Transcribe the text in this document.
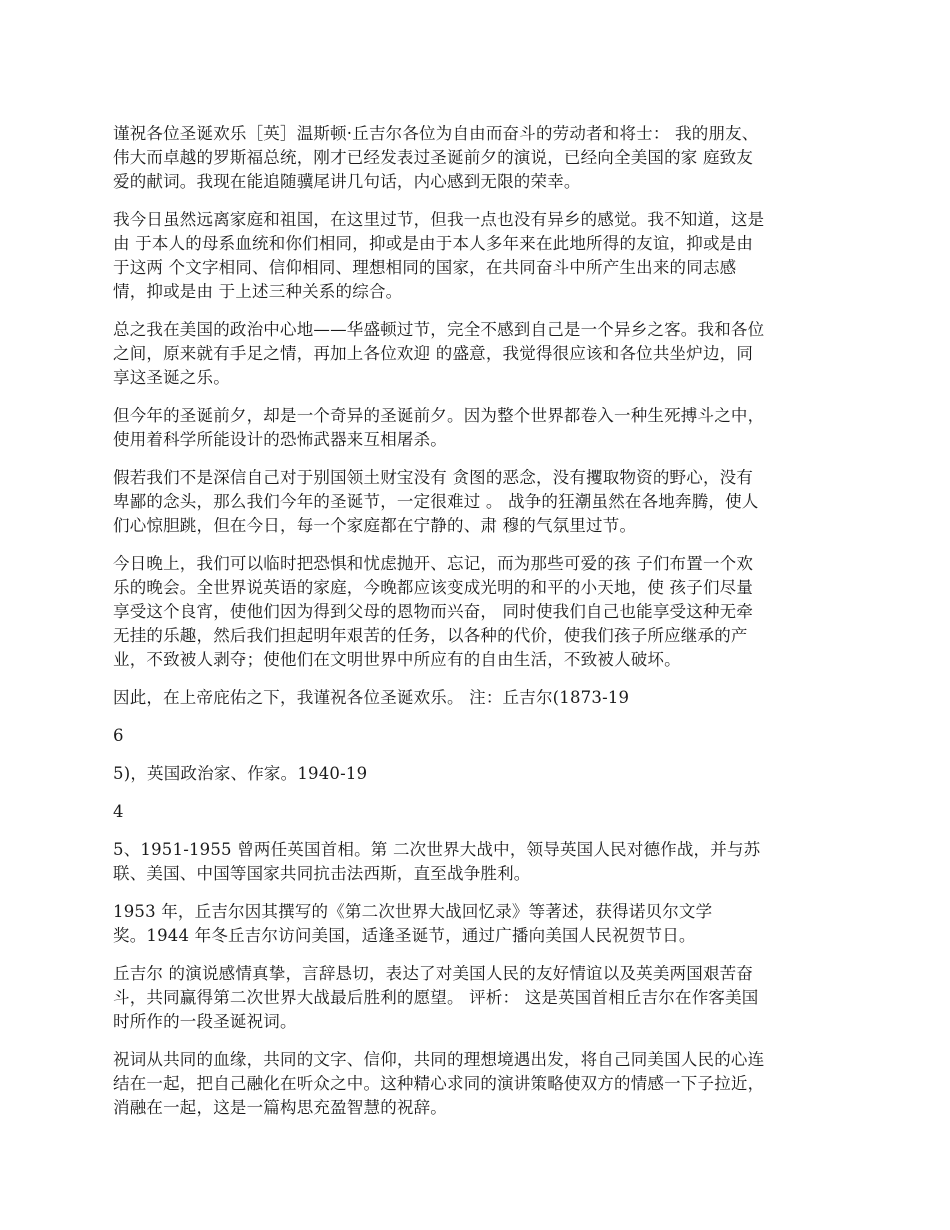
谨祝各位圣诞欢乐［英］温斯顿·丘吉尔各位为自由而奋斗的劳动者和将士： 我的朋友、
伟大而卓越的罗斯福总统，刚才已经发表过圣诞前夕的演说，已经向全美国的家 庭致友
爱的献词。我现在能追随骥尾讲几句话，内心感到无限的荣幸。

我今日虽然远离家庭和祖国，在这里过节，但我一点也没有异乡的感觉。我不知道，这是
由 于本人的母系血统和你们相同，抑或是由于本人多年来在此地所得的友谊，抑或是由
于这两 个文字相同、信仰相同、理想相同的国家，在共同奋斗中所产生出来的同志感
情，抑或是由 于上述三种关系的综合。

总之我在美国的政治中心地——华盛顿过节，完全不感到自己是一个异乡之客。我和各位
之间，原来就有手足之情，再加上各位欢迎 的盛意，我觉得很应该和各位共坐炉边，同
享这圣诞之乐。

但今年的圣诞前夕，却是一个奇异的圣诞前夕。因为整个世界都卷入一种生死搏斗之中，
使用着科学所能设计的恐怖武器来互相屠杀。

假若我们不是深信自己对于别国领土财宝没有 贪图的恶念，没有攫取物资的野心，没有
卑鄙的念头，那么我们今年的圣诞节，一定很难过 。 战争的狂潮虽然在各地奔腾，使人
们心惊胆跳，但在今日，每一个家庭都在宁静的、肃 穆的气氛里过节。

今日晚上，我们可以临时把恐惧和忧虑抛开、忘记，而为那些可爱的孩 子们布置一个欢
乐的晚会。全世界说英语的家庭，今晚都应该变成光明的和平的小天地，使 孩子们尽量
享受这个良宵，使他们因为得到父母的恩物而兴奋， 同时使我们自己也能享受这种无牵
无挂的乐趣，然后我们担起明年艰苦的任务，以各种的代价，使我们孩子所应继承的产
业，不致被人剥夺；使他们在文明世界中所应有的自由生活，不致被人破坏。

因此，在上帝庇佑之下，我谨祝各位圣诞欢乐。 注：丘吉尔(1873-19

6

5)，英国政治家、作家。1940-19

4

5、1951-1955 曾两任英国首相。第 二次世界大战中，领导英国人民对德作战，并与苏
联、美国、中国等国家共同抗击法西斯，直至战争胜利。

1953 年，丘吉尔因其撰写的《第二次世界大战回忆录》等著述，获得诺贝尔文学
奖。1944 年冬丘吉尔访问美国，适逢圣诞节，通过广播向美国人民祝贺节日。

丘吉尔 的演说感情真挚，言辞恳切，表达了对美国人民的友好情谊以及英美两国艰苦奋
斗，共同赢得第二次世界大战最后胜利的愿望。 评析： 这是英国首相丘吉尔在作客美国
时所作的一段圣诞祝词。

祝词从共同的血缘，共同的文字、信仰，共同的理想境遇出发，将自己同美国人民的心连
结在一起，把自己融化在听众之中。这种精心求同的演讲策略使双方的情感一下子拉近，
消融在一起，这是一篇构思充盈智慧的祝辞。
